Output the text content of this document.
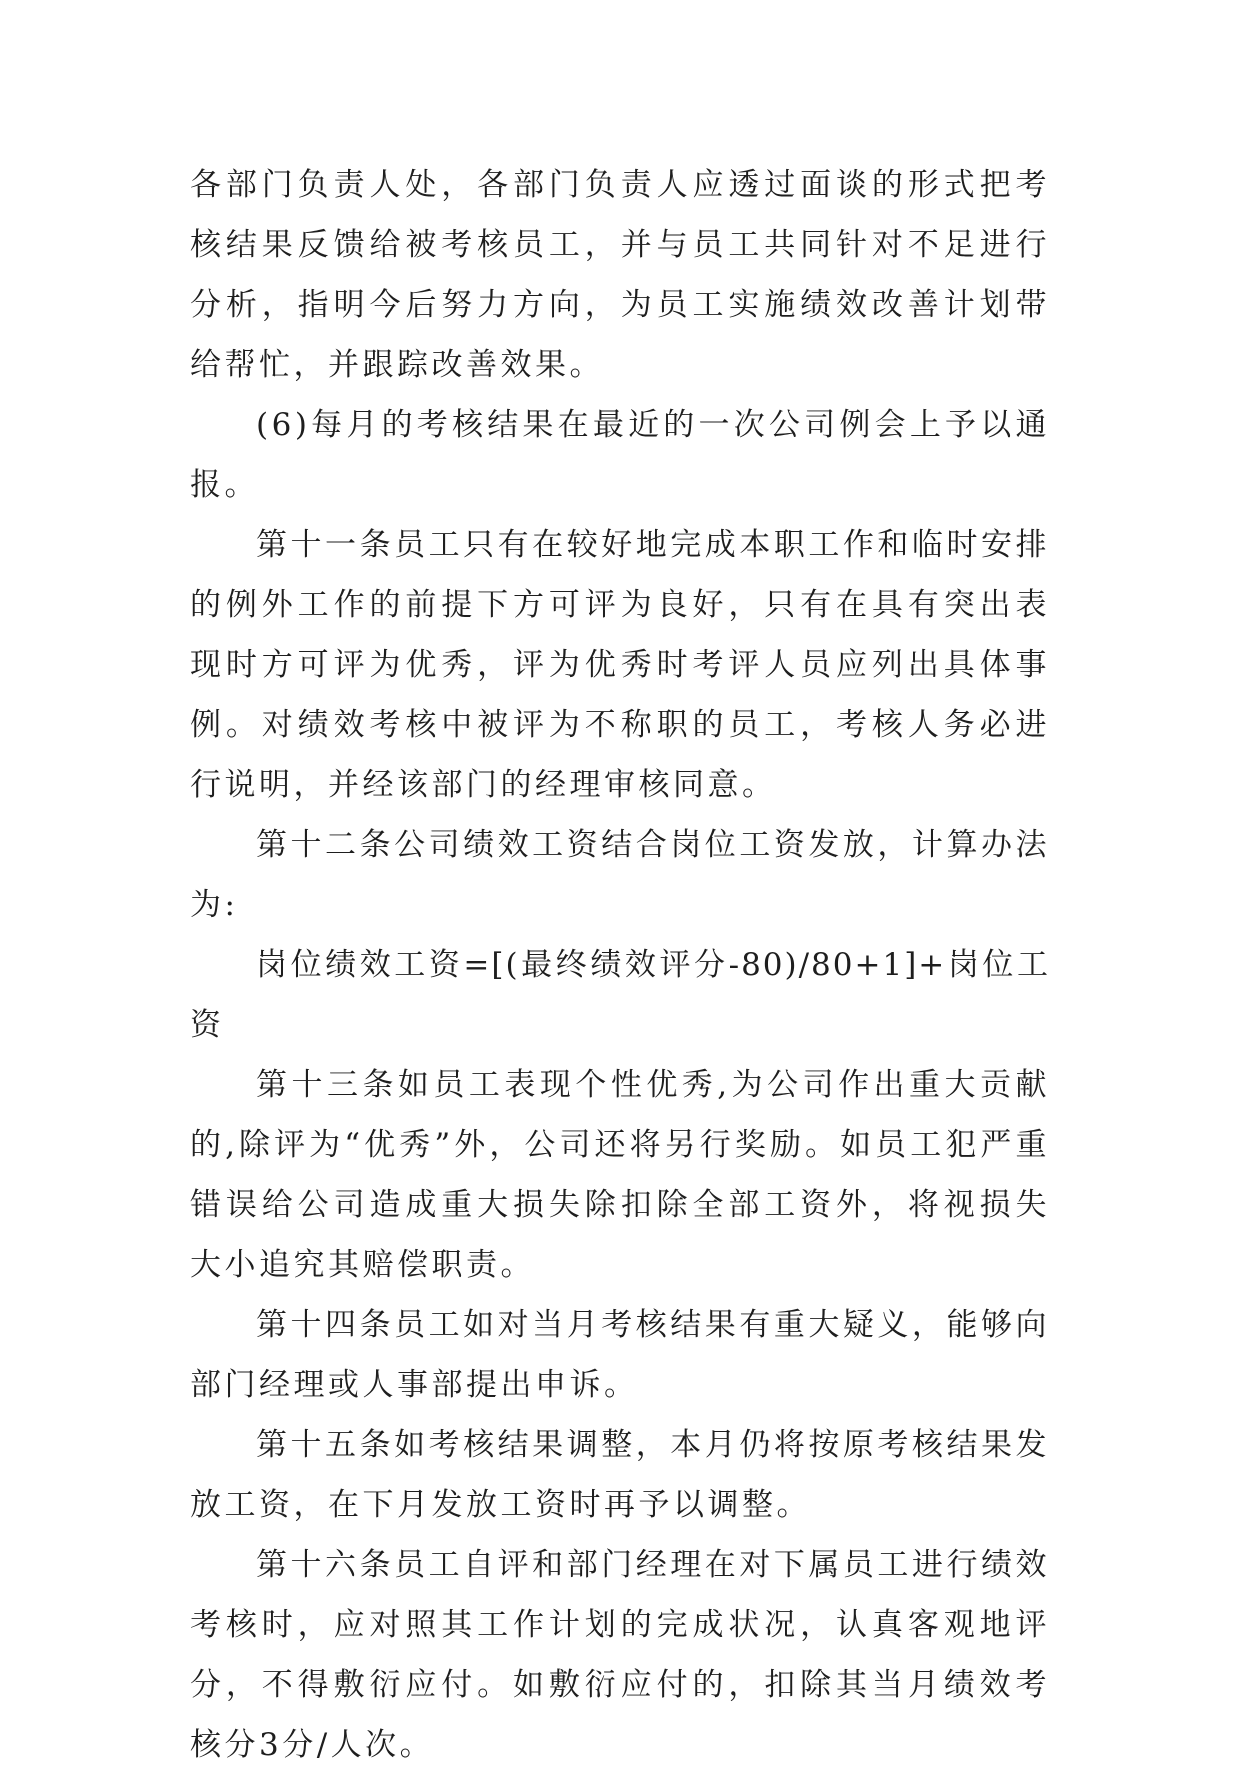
各部门负责人处，各部门负责人应透过面谈的形式把考核结果反馈给被考核员工，并与员工共同针对不足进行分析，指明今后努力方向，为员工实施绩效改善计划带给帮忙，并跟踪改善效果。

(6)每月的考核结果在最近的一次公司例会上予以通报。

第十一条员工只有在较好地完成本职工作和临时安排的例外工作的前提下方可评为良好，只有在具有突出表现时方可评为优秀，评为优秀时考评人员应列出具体事例。对绩效考核中被评为不称职的员工，考核人务必进行说明，并经该部门的经理审核同意。

第十二条公司绩效工资结合岗位工资发放，计算办法为:

岗位绩效工资=[(最终绩效评分-80)/80+1]+岗位工资

第十三条如员工表现个性优秀,为公司作出重大贡献的,除评为“优秀”外，公司还将另行奖励。如员工犯严重错误给公司造成重大损失除扣除全部工资外，将视损失大小追究其赔偿职责。

第十四条员工如对当月考核结果有重大疑义，能够向部门经理或人事部提出申诉。

第十五条如考核结果调整，本月仍将按原考核结果发放工资，在下月发放工资时再予以调整。

第十六条员工自评和部门经理在对下属员工进行绩效考核时，应对照其工作计划的完成状况，认真客观地评分，不得敷衍应付。如敷衍应付的，扣除其当月绩效考核分3分/人次。
